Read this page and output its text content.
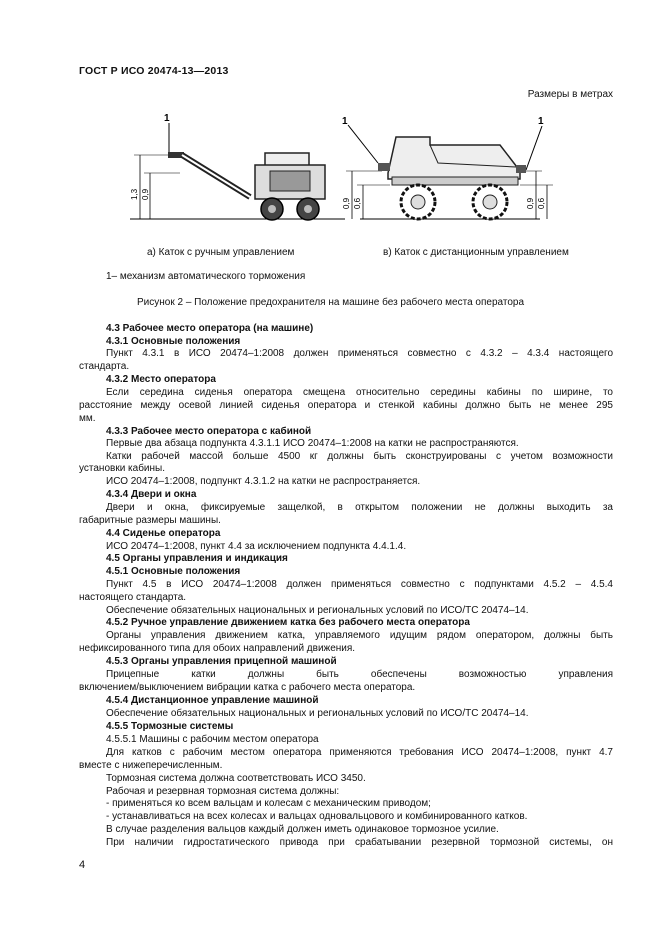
ГОСТ Р ИСО 20474-13—2013
Размеры в метрах
1
1,3 0,9
1	1
0,9 0,6	0,9 0,6
а) Каток с ручным управлением	в) Каток с дистанционным управлением
1– механизм автоматического торможения
Рисунок 2 – Положение предохранителя на машине без рабочего места оператора
4.3 Рабочее место оператора (на машине)
4.3.1 Основные положения
Пункт 4.3.1 в ИСО 20474–1:2008 должен применяться совместно с 4.3.2 – 4.3.4 настоящего
стандарта.
4.3.2 Место оператора
Если середина сиденья оператора смещена относительно середины кабины по ширине, то
расстояние между осевой линией сиденья оператора и стенкой кабины должно быть не менее 295
мм.
4.3.3 Рабочее место оператора с кабиной
Первые два абзаца подпункта 4.3.1.1 ИСО 20474–1:2008 на катки не распространяются.
Катки рабочей массой больше 4500 кг должны быть сконструированы с учетом возможности
установки кабины.
ИСО 20474–1:2008, подпункт 4.3.1.2 на катки не распространяется.
4.3.4 Двери и окна
Двери и окна, фиксируемые защелкой, в открытом положении не должны выходить за
габаритные размеры машины.
4.4 Сиденье оператора
ИСО 20474–1:2008, пункт 4.4 за исключением подпункта 4.4.1.4.
4.5 Органы управления и индикация
4.5.1 Основные положения
Пункт 4.5 в ИСО 20474–1:2008 должен применяться совместно с подпунктами 4.5.2 – 4.5.4
настоящего стандарта.
Обеспечение обязательных национальных и региональных условий по ИСО/ТС 20474–14.
4.5.2 Ручное управление движением катка без рабочего места оператора
Органы управления движением катка, управляемого идущим рядом оператором, должны быть
нефиксированного типа для обоих направлений движения.
4.5.3 Органы управления прицепной машиной
Прицепные катки должны быть обеспечены возможностью управления
включением/выключением вибрации катка с рабочего места оператора.
4.5.4 Дистанционное управление машиной
Обеспечение обязательных национальных и региональных условий по ИСО/ТС 20474–14.
4.5.5 Тормозные системы
4.5.5.1 Машины с рабочим местом оператора
Для катков с рабочим местом оператора применяются требования ИСО 20474–1:2008, пункт 4.7
вместе с нижеперечисленным.
Тормозная система должна соответствовать ИСО 3450.
Рабочая и резервная тормозная система должны:
- применяться ко всем вальцам и колесам с механическим приводом;
- устанавливаться на всех колесах и вальцах одновальцового и комбинированного катков.
В случае разделения вальцов каждый должен иметь одинаковое тормозное усилие.
При наличии гидростатического привода при срабатывании резервной тормозной системы, он
4
